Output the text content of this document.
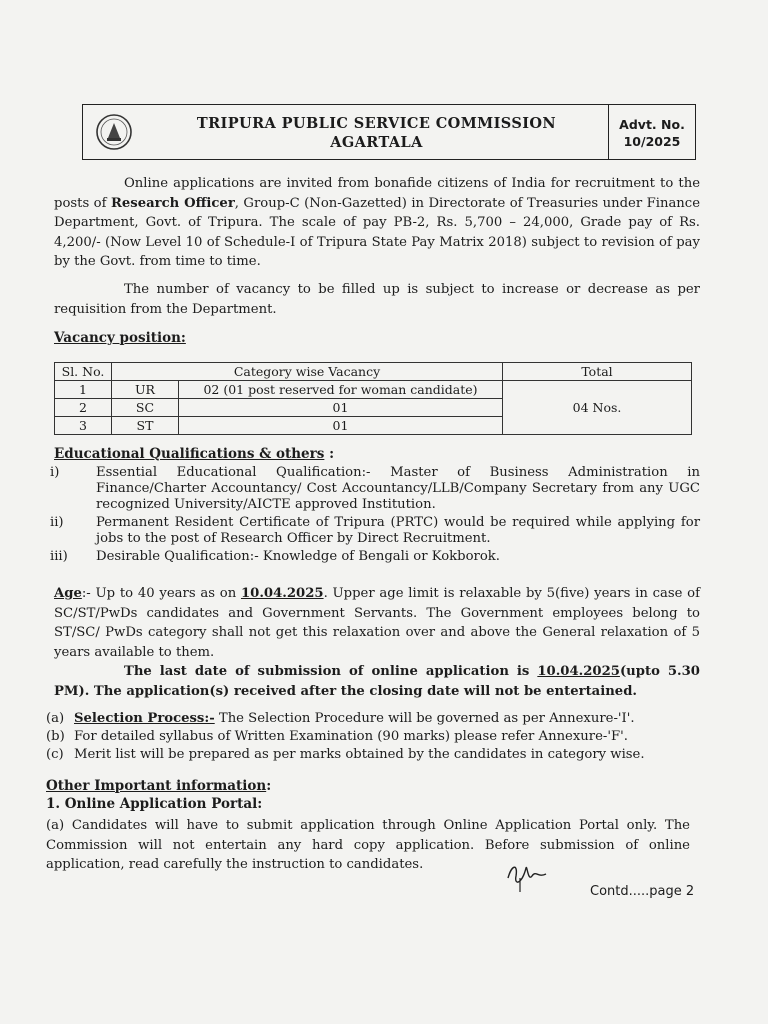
TRIPURA PUBLIC SERVICE COMMISSION
AGARTALA
Advt. No.
10/2025

Online applications are invited from bonafide citizens of India for recruitment to the posts of Research Officer, Group-C (Non-Gazetted) in Directorate of Treasuries under Finance Department, Govt. of Tripura. The scale of pay PB-2, Rs. 5,700 – 24,000, Grade pay of Rs. 4,200/- (Now Level 10 of Schedule-I of Tripura State Pay Matrix 2018) subject to revision of pay by the Govt. from time to time.

The number of vacancy to be filled up is subject to increase or decrease as per requisition from the Department.

Vacancy position:
Sl. No.	Category wise Vacancy		Total
1	UR	02 (01 post reserved for woman candidate)	04 Nos.
2	SC	01	
3	ST	01	
Educational Qualifications & others :
i)	Essential Educational Qualification:- Master of Business Administration in Finance/Charter Accountancy/ Cost Accountancy/LLB/Company Secretary from any UGC recognized University/AICTE approved Institution.
ii)	Permanent Resident Certificate of Tripura (PRTC) would be required while applying for jobs to the post of Research Officer by Direct Recruitment.
iii)	Desirable Qualification:- Knowledge of Bengali or Kokborok.

Age:- Up to 40 years as on 10.04.2025. Upper age limit is relaxable by 5(five) years in case of SC/ST/PwDs candidates and Government Servants. The Government employees belong to ST/SC/ PwDs category shall not get this relaxation over and above the General relaxation of 5 years available to them.

The last date of submission of online application is 10.04.2025(upto 5.30 PM). The application(s) received after the closing date will not be entertained.

(a) Selection Process:- The Selection Procedure will be governed as per Annexure-'I'.
(b) For detailed syllabus of Written Examination (90 marks) please refer Annexure-'F'.
(c) Merit list will be prepared as per marks obtained by the candidates in category wise.
Other Important information:
1. Online Application Portal:

(a) Candidates will have to submit application through Online Application Portal only. The Commission will not entertain any hard copy application. Before submission of online application, read carefully the instruction to candidates.

Contd.....page 2
